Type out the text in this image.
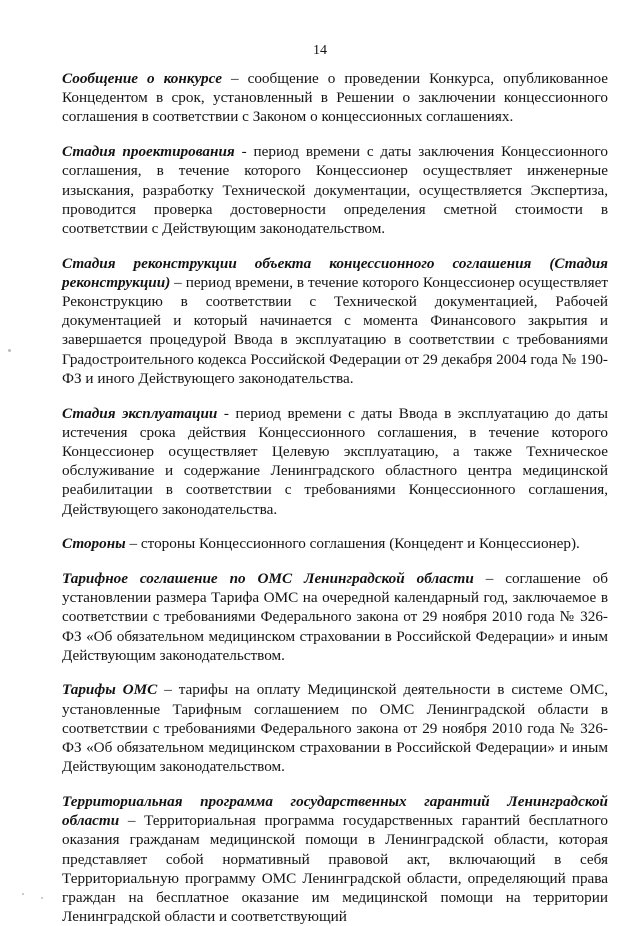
14

Сообщение о конкурсе – сообщение о проведении Конкурса, опубликованное Концедентом в срок, установленный в Решении о заключении концессионного соглашения в соответствии с Законом о концессионных соглашениях.

Стадия проектирования - период времени с даты заключения Концессионного соглашения, в течение которого Концессионер осуществляет инженерные изыскания, разработку Технической документации, осуществляется Экспертиза, проводится проверка достоверности определения сметной стоимости в соответствии с Действующим законодательством.

Стадия реконструкции объекта концессионного соглашения (Стадия реконструкции) – период времени, в течение которого Концессионер осуществляет Реконструкцию в соответствии с Технической документацией, Рабочей документацией и который начинается с момента Финансового закрытия и завершается процедурой Ввода в эксплуатацию в соответствии с требованиями Градостроительного кодекса Российской Федерации от 29 декабря 2004 года № 190-ФЗ и иного Действующего законодательства.

Стадия эксплуатации - период времени с даты Ввода в эксплуатацию до даты истечения срока действия Концессионного соглашения, в течение которого Концессионер осуществляет Целевую эксплуатацию, а также Техническое обслуживание и содержание Ленинградского областного центра медицинской реабилитации в соответствии с требованиями Концессионного соглашения, Действующего законодательства.

Стороны – стороны Концессионного соглашения (Концедент и Концессионер).

Тарифное соглашение по ОМС Ленинградской области – соглашение об установлении размера Тарифа ОМС на очередной календарный год, заключаемое в соответствии с требованиями Федерального закона от 29 ноября 2010 года № 326-ФЗ «Об обязательном медицинском страховании в Российской Федерации» и иным Действующим законодательством.

Тарифы ОМС – тарифы на оплату Медицинской деятельности в системе ОМС, установленные Тарифным соглашением по ОМС Ленинградской области в соответствии с требованиями Федерального закона от 29 ноября 2010 года № 326-ФЗ «Об обязательном медицинском страховании в Российской Федерации» и иным Действующим законодательством.

Территориальная программа государственных гарантий Ленинградской области – Территориальная программа государственных гарантий бесплатного оказания гражданам медицинской помощи в Ленинградской области, которая представляет собой нормативный правовой акт, включающий в себя Территориальную программу ОМС Ленинградской области, определяющий права граждан на бесплатное оказание им медицинской помощи на территории Ленинградской области и соответствующий
